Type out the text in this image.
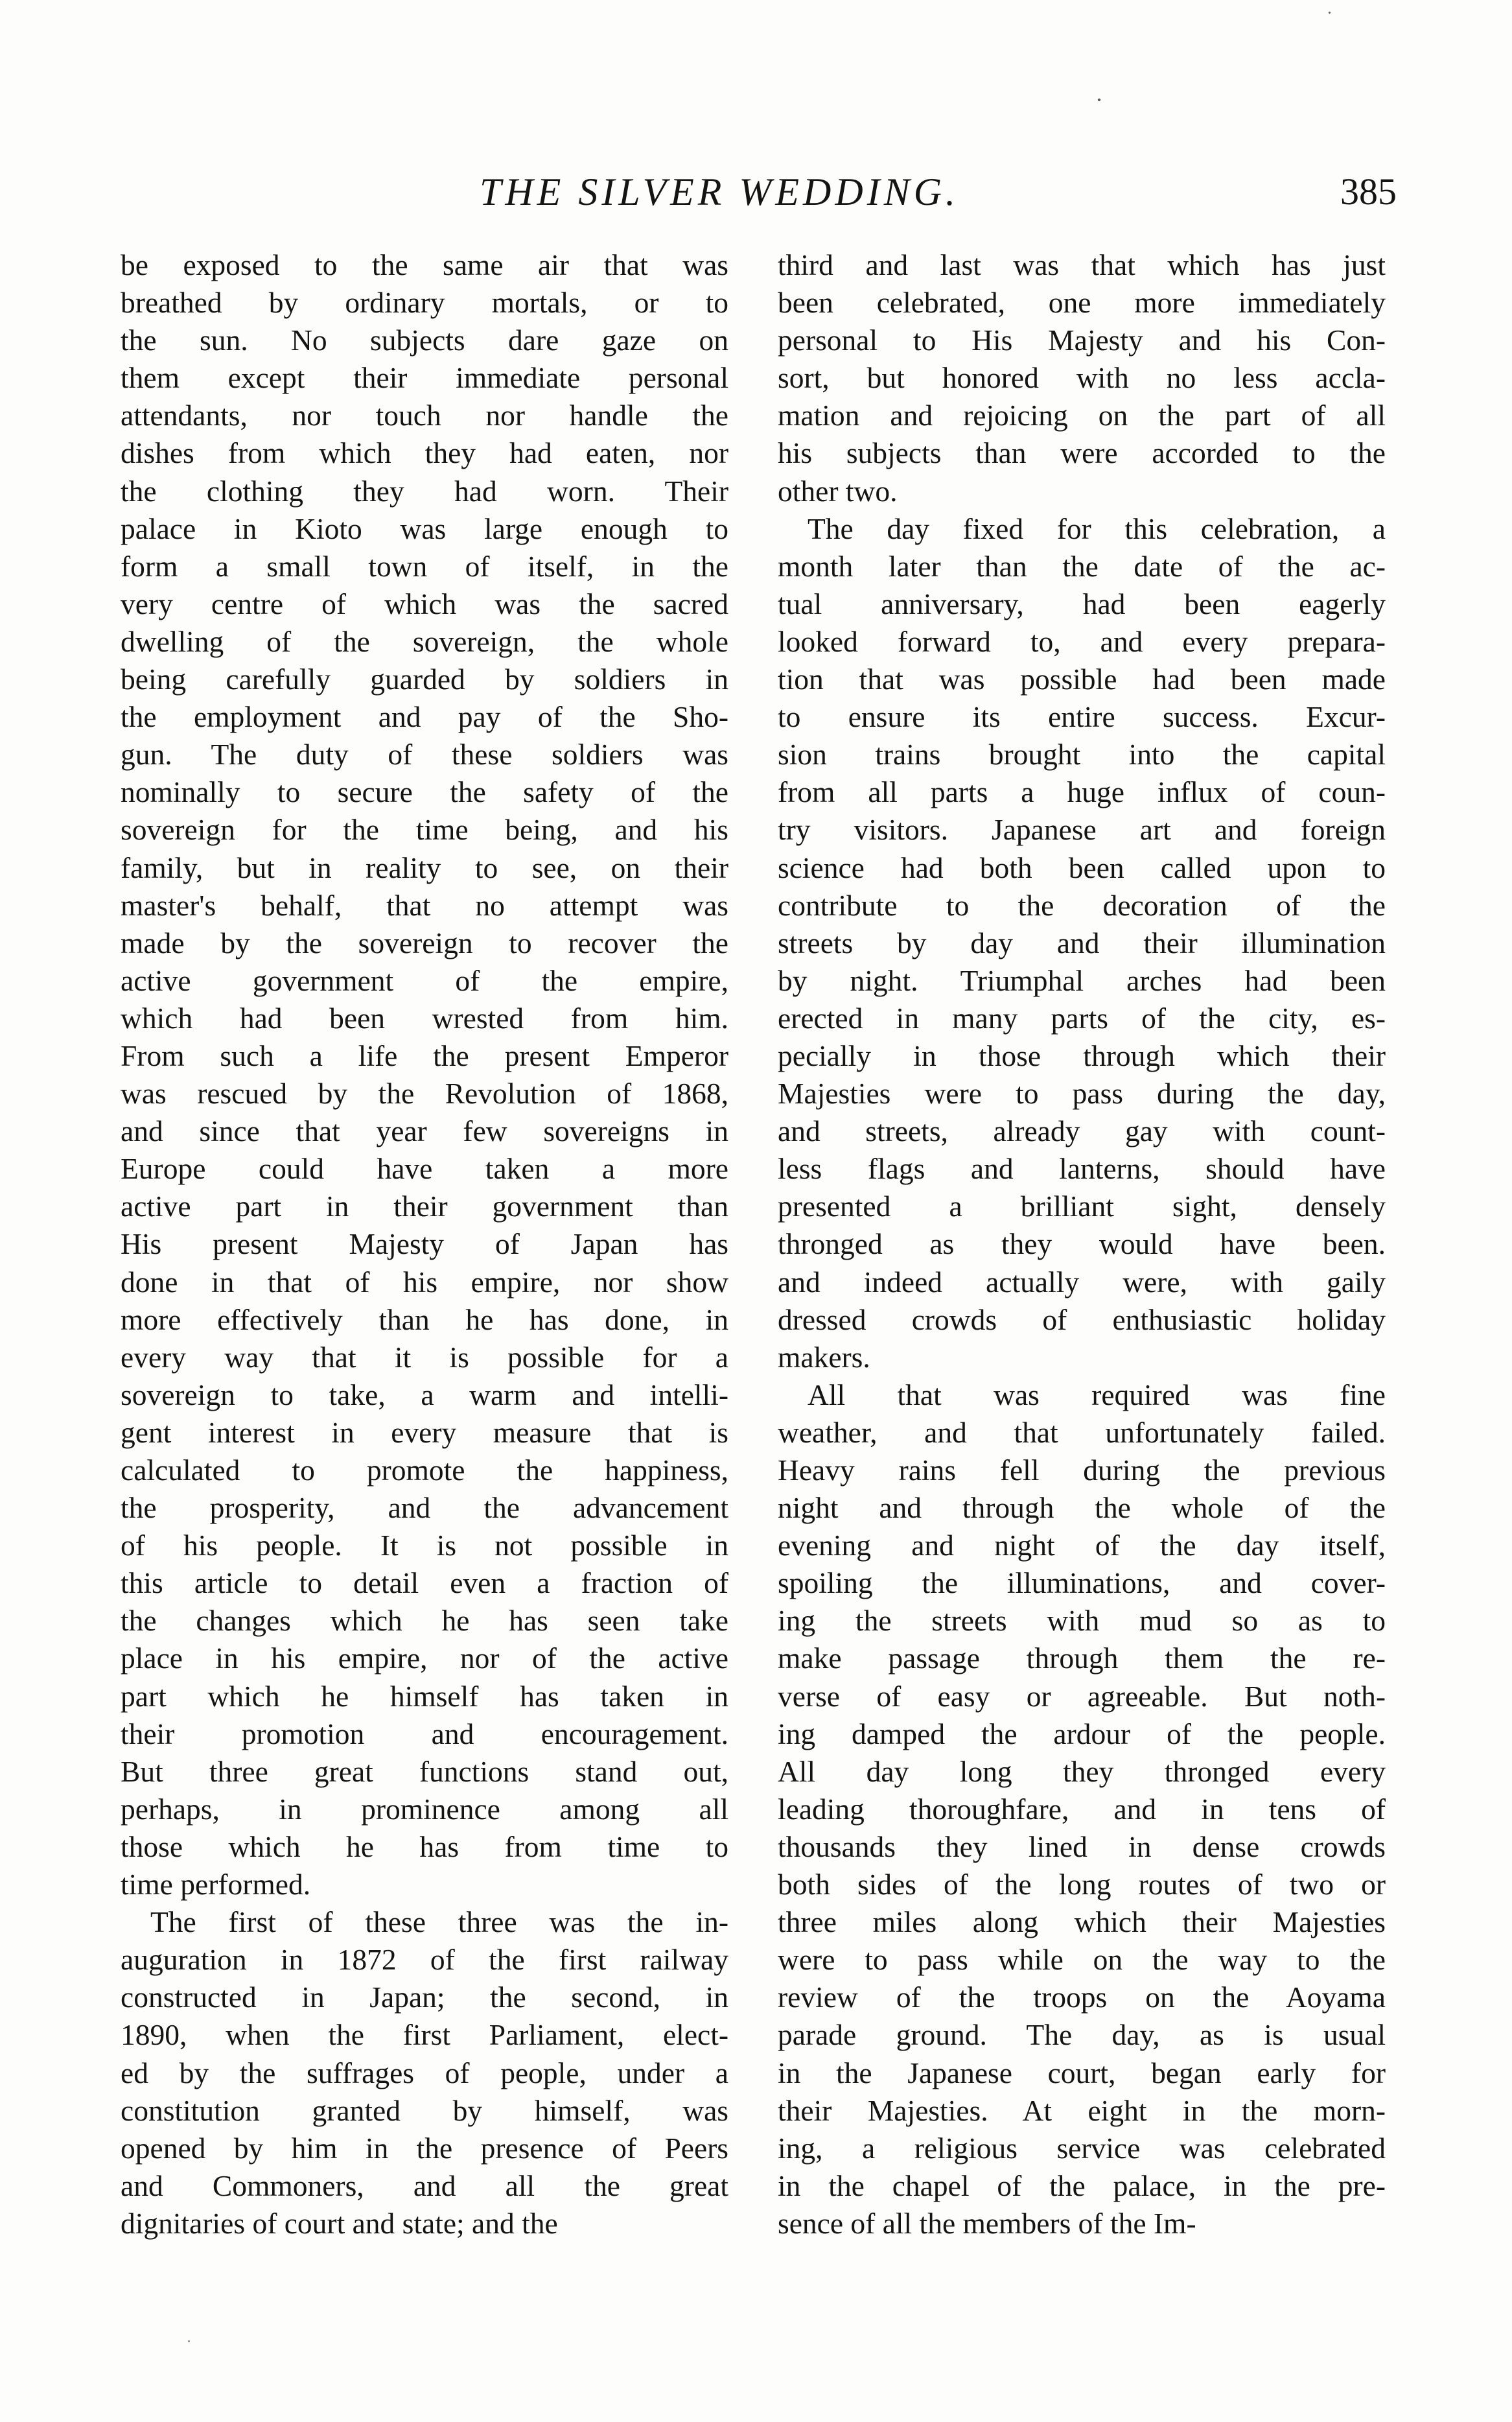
THE SILVER WEDDING.	385
be exposed to the same air that was
breathed by ordinary mortals, or to
the sun. No subjects dare gaze on
them except their immediate personal
attendants, nor touch nor handle the
dishes from which they had eaten, nor
the clothing they had worn. Their
palace in Kioto was large enough to
form a small town of itself, in the
very centre of which was the sacred
dwelling of the sovereign, the whole
being carefully guarded by soldiers in
the employment and pay of the Sho-
gun. The duty of these soldiers was
nominally to secure the safety of the
sovereign for the time being, and his
family, but in reality to see, on their
master's behalf, that no attempt was
made by the sovereign to recover the
active government of the empire,
which had been wrested from him.
From such a life the present Emperor
was rescued by the Revolution of 1868,
and since that year few sovereigns in
Europe could have taken a more
active part in their government than
His present Majesty of Japan has
done in that of his empire, nor show
more effectively than he has done, in
every way that it is possible for a
sovereign to take, a warm and intelli-
gent interest in every measure that is
calculated to promote the happiness,
the prosperity, and the advancement
of his people. It is not possible in
this article to detail even a fraction of
the changes which he has seen take
place in his empire, nor of the active
part which he himself has taken in
their promotion and encouragement.
But three great functions stand out,
perhaps, in prominence among all
those which he has from time to
time performed.
The first of these three was the in-
auguration in 1872 of the first railway
constructed in Japan; the second, in
1890, when the first Parliament, elect-
ed by the suffrages of people, under a
constitution granted by himself, was
opened by him in the presence of Peers
and Commoners, and all the great
dignitaries of court and state; and the
third and last was that which has just
been celebrated, one more immediately
personal to His Majesty and his Con-
sort, but honored with no less accla-
mation and rejoicing on the part of all
his subjects than were accorded to the
other two.
The day fixed for this celebration, a
month later than the date of the ac-
tual anniversary, had been eagerly
looked forward to, and every prepara-
tion that was possible had been made
to ensure its entire success. Excur-
sion trains brought into the capital
from all parts a huge influx of coun-
try visitors. Japanese art and foreign
science had both been called upon to
contribute to the decoration of the
streets by day and their illumination
by night. Triumphal arches had been
erected in many parts of the city, es-
pecially in those through which their
Majesties were to pass during the day,
and streets, already gay with count-
less flags and lanterns, should have
presented a brilliant sight, densely
thronged as they would have been.
and indeed actually were, with gaily
dressed crowds of enthusiastic holiday
makers.
All that was required was fine
weather, and that unfortunately failed.
Heavy rains fell during the previous
night and through the whole of the
evening and night of the day itself,
spoiling the illuminations, and cover-
ing the streets with mud so as to
make passage through them the re-
verse of easy or agreeable. But noth-
ing damped the ardour of the people.
All day long they thronged every
leading thoroughfare, and in tens of
thousands they lined in dense crowds
both sides of the long routes of two or
three miles along which their Majesties
were to pass while on the way to the
review of the troops on the Aoyama
parade ground. The day, as is usual
in the Japanese court, began early for
their Majesties. At eight in the morn-
ing, a religious service was celebrated
in the chapel of the palace, in the pre-
sence of all the members of the Im-
